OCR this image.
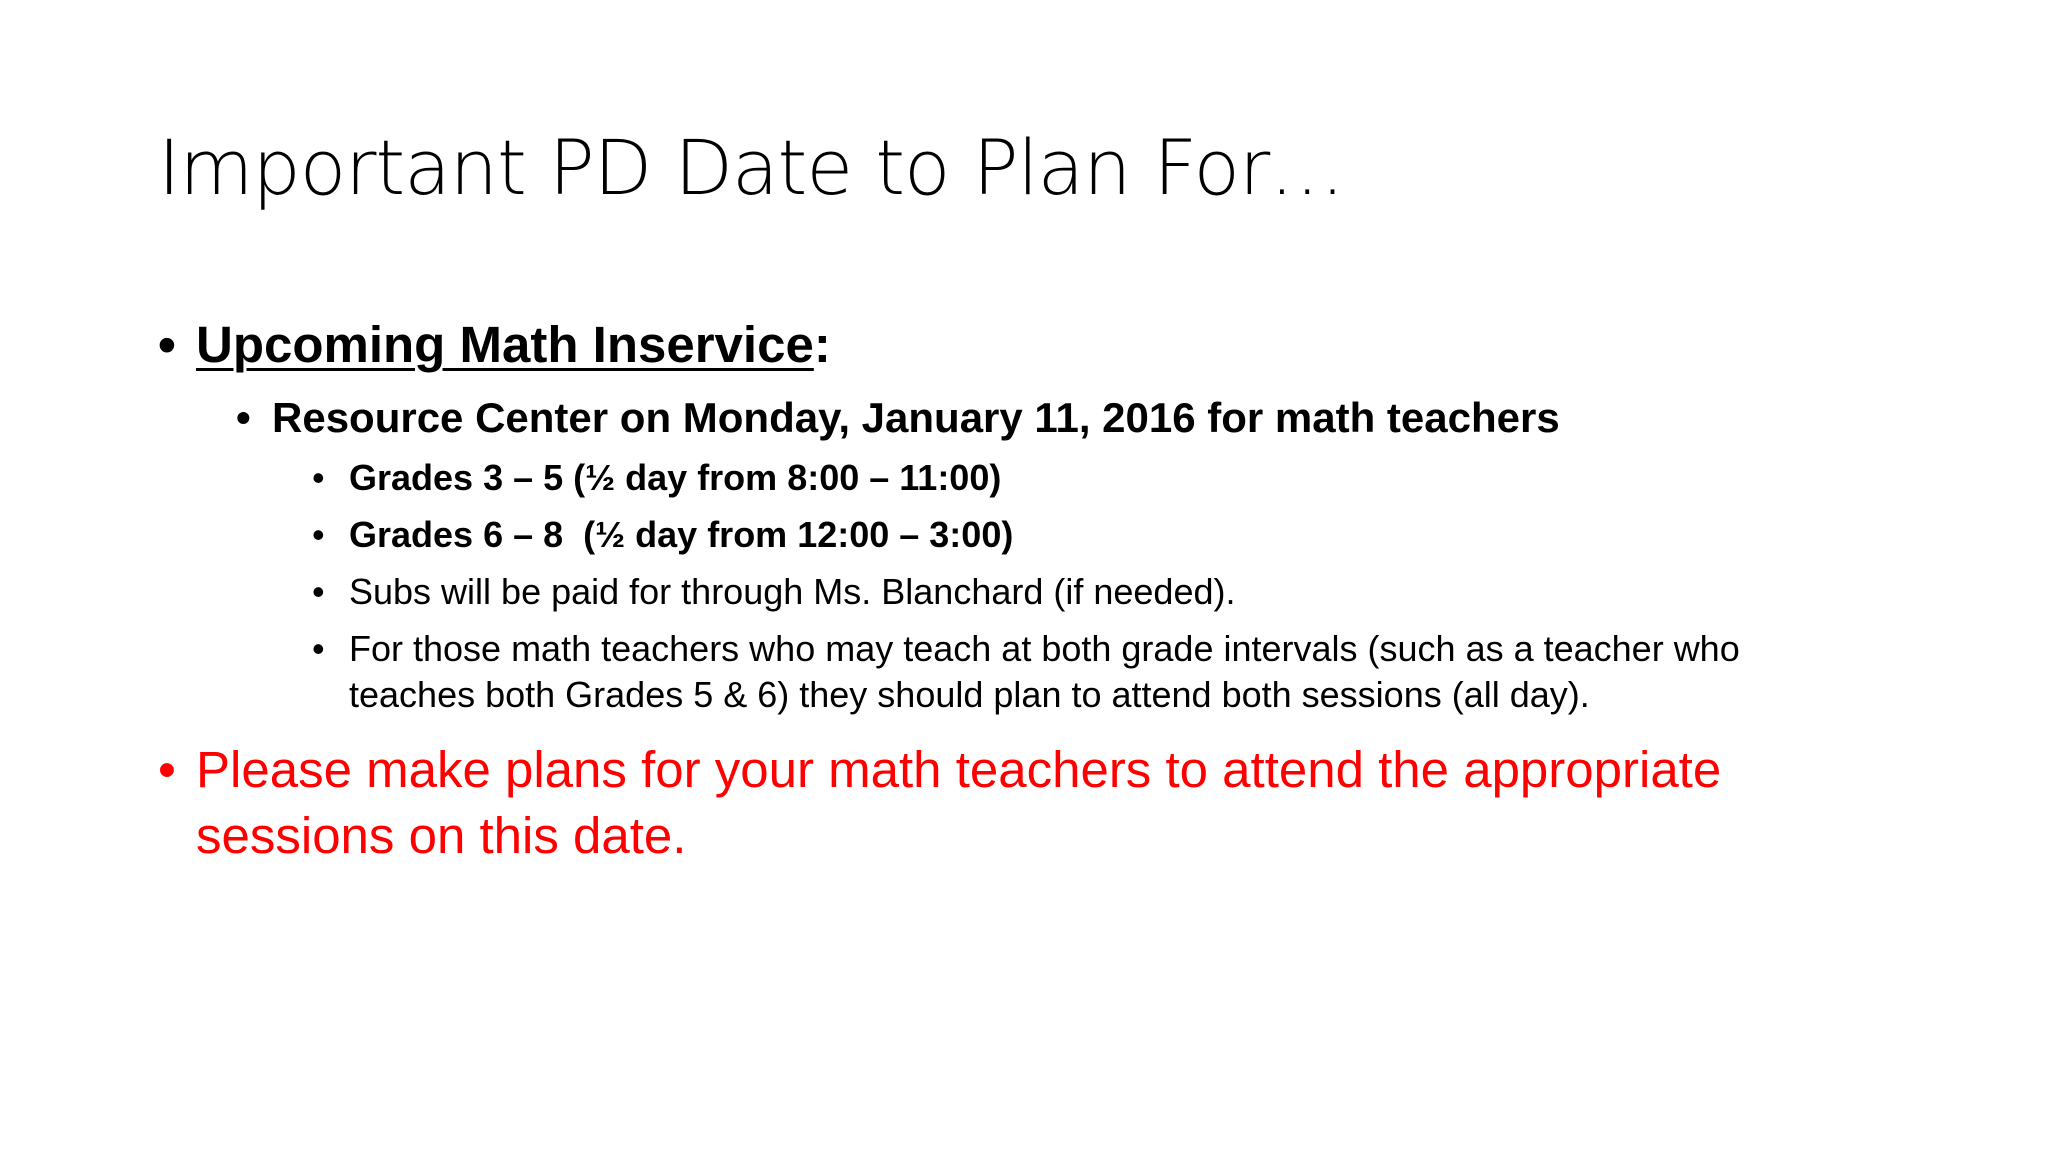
Important PD Date to Plan For…
• Upcoming Math Inservice:
• Resource Center on Monday, January 11, 2016 for math teachers
• Grades 3 – 5 (½ day from 8:00 – 11:00)
• Grades 6 – 8  (½ day from 12:00 – 3:00)
• Subs will be paid for through Ms. Blanchard (if needed).
• For those math teachers who may teach at both grade intervals (such as a teacher who
teaches both Grades 5 & 6) they should plan to attend both sessions (all day).
• Please make plans for your math teachers to attend the appropriate
sessions on this date.
